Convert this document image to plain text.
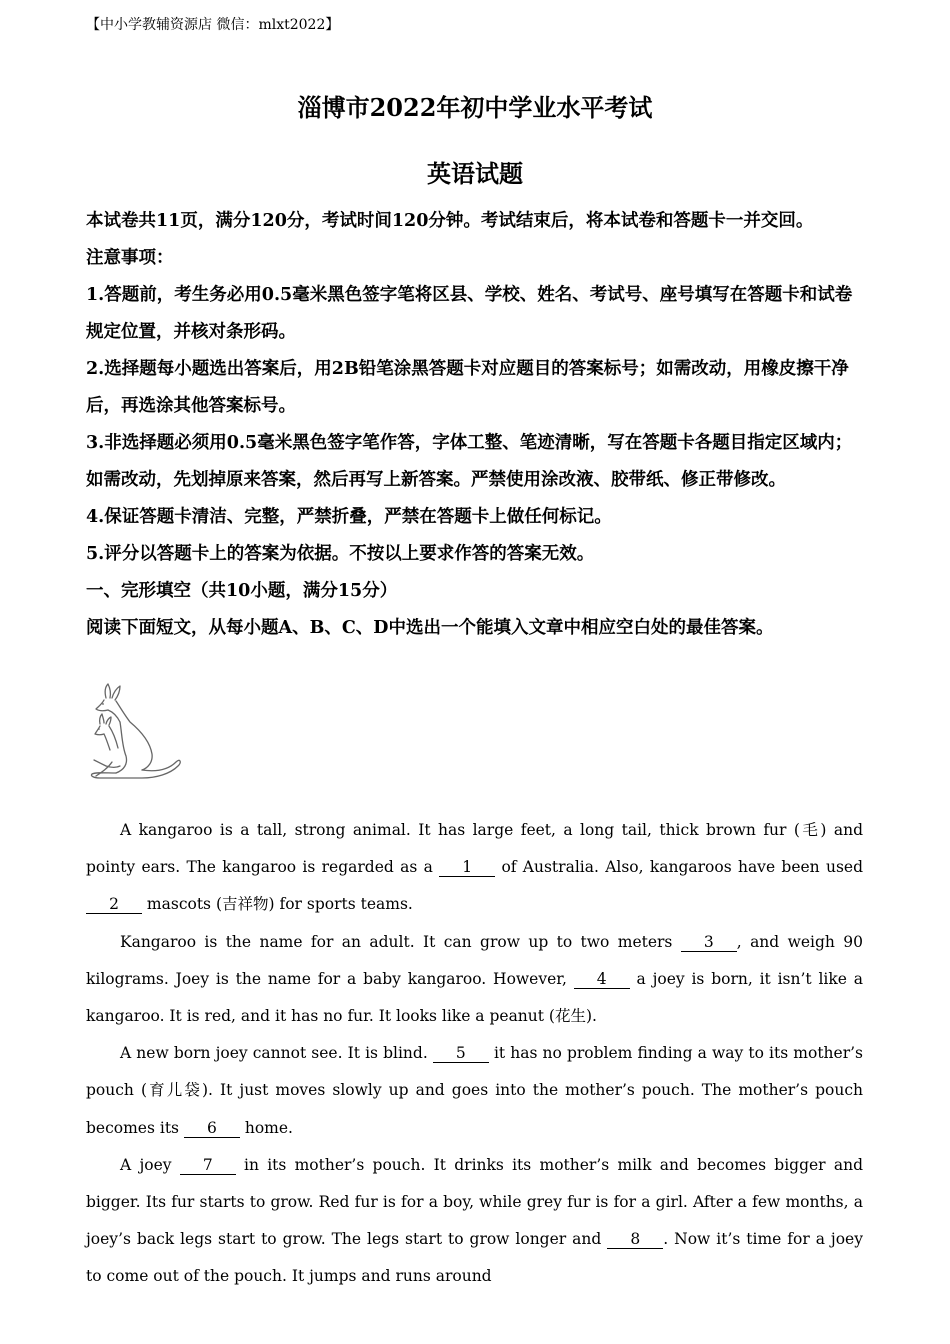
【中小学教辅资源店 微信：mlxt2022】
淄博市2022年初中学业水平考试
英语试题

本试卷共11页，满分120分，考试时间120分钟。考试结束后，将本试卷和答题卡一并交回。

注意事项：

1.答题前，考生务必用0.5毫米黑色签字笔将区县、学校、姓名、考试号、座号填写在答题卡和试卷规定位置，并核对条形码。

2.选择题每小题选出答案后，用2B铅笔涂黑答题卡对应题目的答案标号；如需改动，用橡皮擦干净后，再选涂其他答案标号。

3.非选择题必须用0.5毫米黑色签字笔作答，字体工整、笔迹清晰，写在答题卡各题目指定区域内；如需改动，先划掉原来答案，然后再写上新答案。严禁使用涂改液、胶带纸、修正带修改。

4.保证答题卡清洁、完整，严禁折叠，严禁在答题卡上做任何标记。

5.评分以答题卡上的答案为依据。不按以上要求作答的答案无效。

一、完形填空（共10小题，满分15分）

阅读下面短文，从每小题A、B、C、D中选出一个能填入文章中相应空白处的最佳答案。

A kangaroo is a tall, strong animal. It has large feet, a long tail, thick brown fur (毛) and pointy ears. The kangaroo is regarded as a 1 of Australia. Also, kangaroos have been used 2 mascots (吉祥物) for sports teams.

Kangaroo is the name for an adult. It can grow up to two meters 3 , and weigh 90 kilograms. Joey is the name for a baby kangaroo. However, 4 a joey is born, it isn’t like a kangaroo. It is red, and it has no fur. It looks like a peanut (花生).

A new born joey cannot see. It is blind. 5 it has no problem finding a way to its mother’s pouch (育儿袋). It just moves slowly up and goes into the mother’s pouch. The mother’s pouch becomes its 6 home.

A joey 7 in its mother’s pouch. It drinks its mother’s milk and becomes bigger and bigger. Its fur starts to grow. Red fur is for a boy, while grey fur is for a girl. After a few months, a joey’s back legs start to grow. The legs start to grow longer and 8 . Now it’s time for a joey to come out of the pouch. It jumps and runs around
